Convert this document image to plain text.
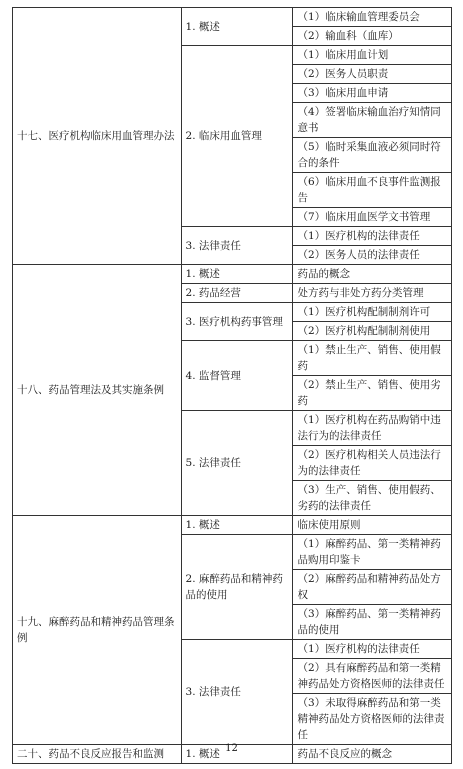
十七、医疗机构临床用血管理办法	1. 概述	（1）临床输血管理委员会
		（2）输血科（血库）
	2. 临床用血管理	（1）临床用血计划
		（2）医务人员职责
		（3）临床用血申请
		（4）签署临床输血治疗知情同意书
		（5）临时采集血液必须同时符合的条件
		（6）临床用血不良事件监测报告
		（7）临床用血医学文书管理
	3. 法律责任	（1）医疗机构的法律责任
		（2）医务人员的法律责任
十八、药品管理法及其实施条例	1. 概述	药品的概念
	2. 药品经营	处方药与非处方药分类管理
	3. 医疗机构药事管理	（1）医疗机构配制制剂许可
		（2）医疗机构配制制剂使用
	4. 监督管理	（1）禁止生产、销售、使用假药
		（2）禁止生产、销售、使用劣药
	5. 法律责任	（1）医疗机构在药品购销中违法行为的法律责任
		（2）医疗机构相关人员违法行为的法律责任
		（3）生产、销售、使用假药、劣药的法律责任
十九、麻醉药品和精神药品管理条例	1. 概述	临床使用原则
	2. 麻醉药品和精神药品的使用	（1）麻醉药品、第一类精神药品购用印鉴卡
		（2）麻醉药品和精神药品处方权
		（3）麻醉药品、第一类精神药品的使用
	3. 法律责任	（1）医疗机构的法律责任
		（2）具有麻醉药品和第一类精神药品处方资格医师的法律责任
		（3）未取得麻醉药品和第一类精神药品处方资格医师的法律责任
二十、药品不良反应报告和监测	1. 概述	药品不良反应的概念
12
